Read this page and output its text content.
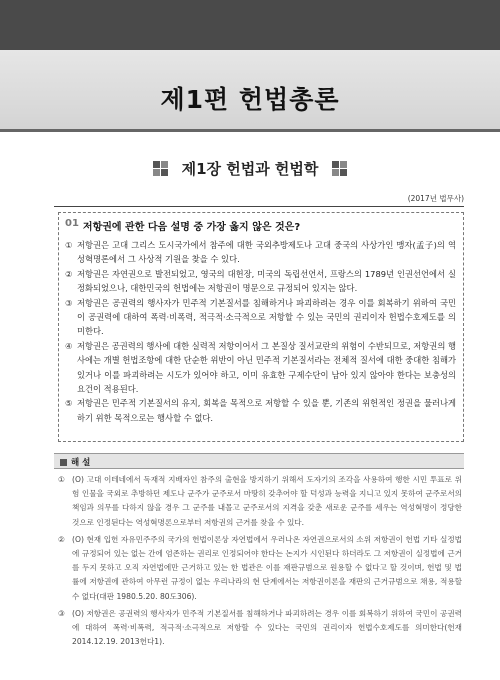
제1편 헌법총론
제1장 헌법과 헌법학
(2017년 법무사)
01 저항권에 관한 다음 설명 중 가장 옳지 않은 것은?
① 저항권은 고대 그리스 도시국가에서 참주에 대한 국외추방제도나 고대 중국의 사상가인 맹자(孟子)의 역성혁명론에서 그 사상적 기원을 찾을 수 있다.
② 저항권은 자연권으로 발전되었고, 영국의 대헌장, 미국의 독립선언서, 프랑스의 1789년 인권선언에서 실정화되었으나, 대한민국의 헌법에는 저항권이 명문으로 규정되어 있지는 않다.
③ 저항권은 공권력의 행사자가 민주적 기본질서를 침해하거나 파괴하려는 경우 이를 회복하기 위하여 국민이 공권력에 대하여 폭력·비폭력, 적극적·소극적으로 저항할 수 있는 국민의 권리이자 헌법수호제도를 의미한다.
④ 저항권은 공권력의 행사에 대한 실력적 저항이어서 그 본질상 질서교란의 위험이 수반되므로, 저항권의 행사에는 개별 헌법조항에 대한 단순한 위반이 아닌 민주적 기본질서라는 전체적 질서에 대한 중대한 침해가 있거나 이를 파괴하려는 시도가 있어야 하고, 이미 유효한 구제수단이 남아 있지 않아야 한다는 보충성의 요건이 적용된다.
⑤ 저항권은 민주적 기본질서의 유지, 회복을 목적으로 저항할 수 있을 뿐, 기존의 위헌적인 정권을 물러나게 하기 위한 목적으로는 행사할 수 없다.
해 설
① (O) 고대 이테네에서 독재적 지배자인 참주의 출현을 방지하기 위해서 도자기의 조각을 사용하여 행한 시민 투표로 위험 인물을 국외로 추방하던 제도나 군주가 군주로서 마땅히 갖추어야 할 덕성과 능력을 지니고 있지 못하여 군주로서의 책임과 의무를 다하지 않을 경우 그 군주를 내몰고 군주로서의 지격을 갖춘 새로운 군주를 세우는 역성혁명이 정당한 것으로 인정된다는 역성혁명론으로부터 저항권의 근거를 찾을 수 있다.
② (O) 현재 입헌 자유민주주의 국가의 헌법이론상 자연법에서 우러나온 자연권으로서의 소위 저항권이 헌법 기타 실정법에 규정되어 있는 없는 간에 엄존하는 권리로 인정되어야 한다는 논지가 시인된다 하더라도 그 저항권이 실정법에 근거를 두지 못하고 오직 자연법에만 근거하고 있는 한 법관은 이를 재판규범으로 원용할 수 없다고 할 것이며, 헌법 및 법률에 저항권에 관하여 아무런 규정이 없는 우리나라의 현 단계에서는 저항권이론을 재판의 근거규범으로 채용, 적용할 수 없다(대판 1980.5.20. 80도306).
③ (O) 저항권은 공권력의 행사자가 민주적 기본질서를 침해하거나 파괴하려는 경우 이를 회복하기 위하여 국민이 공권력에 대하여 폭력·비폭력, 적극적·소극적으로 저항할 수 있다는 국민의 권리이자 헌법수호제도를 의미한다(헌재 2014.12.19. 2013헌다1).
